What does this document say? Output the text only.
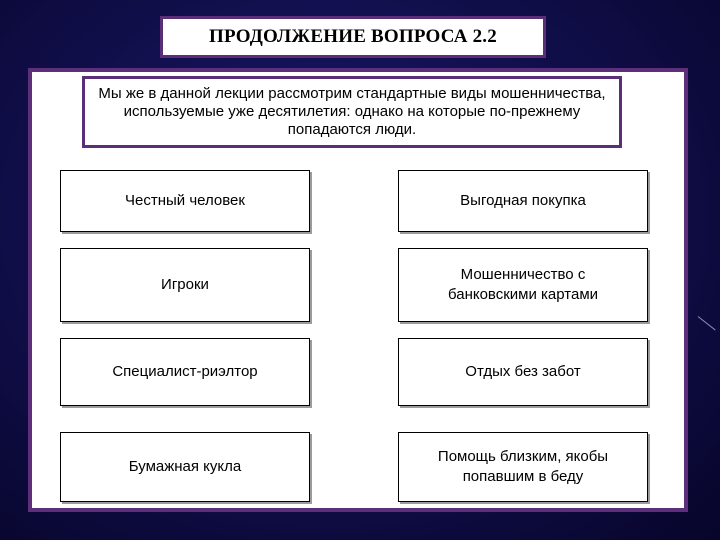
ПРОДОЛЖЕНИЕ ВОПРОСА 2.2
Мы же в данной лекции рассмотрим стандартные виды мошенничества, используемые уже десятилетия: однако на которые по-прежнему попадаются люди.
Честный человек	Выгодная покупка
Игроки
Мошенничество с
банковскими картами
Специалист-риэлтор	Отдых без забот
Бумажная кукла
Помощь близким, якобы
попавшим в беду
